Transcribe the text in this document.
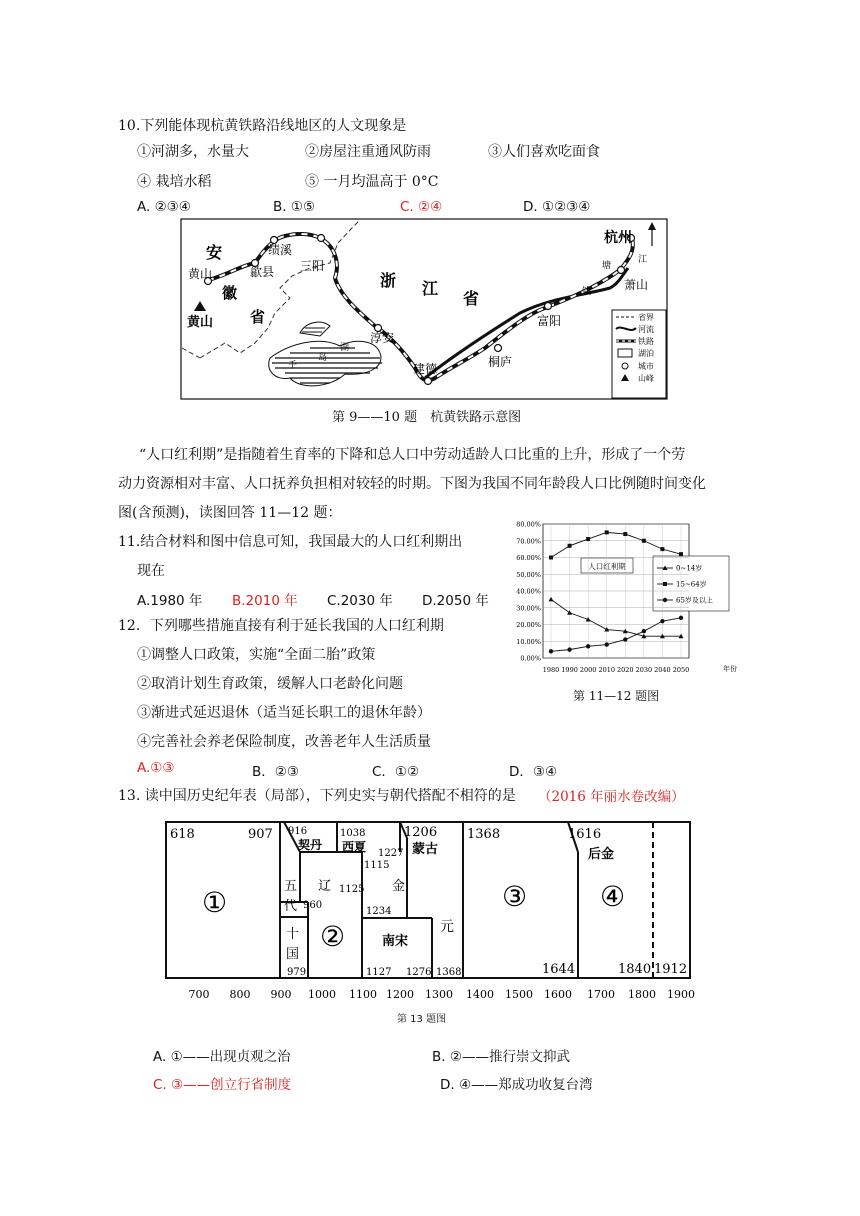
10.下列能体现杭黄铁路沿线地区的人文现象是
①河湖多，水量大	②房屋注重通风防雨	③人们喜欢吃面食
④ 栽培水稻	⑤ 一月均温高于 0°C
A. ②③④	B. ①⑤	C. ②④	D. ①②③④
安
徽
省
浙 江
省
杭州
黄山
黄山
歙县
绩溪
三阳
淳安
建德	桐庐
富阳
萧山
塘
钱
江
千
岛
湖
省界
河流
铁路
湖泊
城市
山峰
第 9——10 题　杭黄铁路示意图
“人口红利期”是指随着生育率的下降和总人口中劳动适龄人口比重的上升，形成了一个劳
动力资源相对丰富、人口抚养负担相对较轻的时期。下图为我国不同年龄段人口比例随时间变化
图(含预测)，读图回答 11—12 题：
11.结合材料和图中信息可知，我国最大的人口红利期出
现在
A.1980 年 B.2010 年 C.2030 年 D.2050 年
人口红利期
年份
0.00%
10.00%
20.00%
30.00%
40.00%
50.00%
60.00%
70.00%
80.00%
1980 1990 2000 2010 2020 2030 2040 2050
0~14岁
15~64岁
65岁及以上
第 11—12 题图
12．下列哪些措施直接有利于延长我国的人口红利期
①调整人口政策，实施“全面二胎”政策
②取消计划生育政策，缓解人口老龄化问题
③渐进式延迟退休（适当延长职工的退休年龄）
④完善社会养老保险制度，改善老年人生活质量
A.①③	B．②③	C．①②	D．③④
13. 读中国历史纪年表（局部），下列史实与朝代搭配不相符的是 （2016 年丽水卷改编）
618	907 916
契丹
1038
西夏 1227
1206
蒙古
1115
五
代
辽 1125 金
960
1234
十
国
南宋
元
979	1127 1276 1368
1368	1616
后金
1644	1840 1912
①
②
③	④
700 800 900 1000 1100 1200 1300 1400 1500 1600 1700 1800 1900
第 13 题图
A. ①——出现贞观之治	B. ②——推行崇文抑武
C. ③——创立行省制度	D. ④——郑成功收复台湾
